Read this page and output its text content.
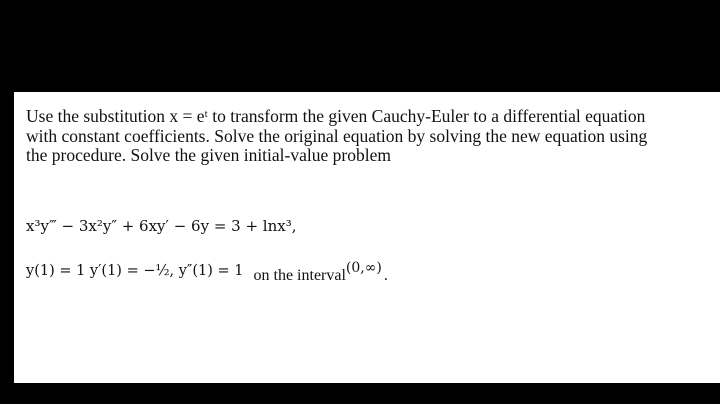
Use the substitution x = eᵗ to transform the given Cauchy-Euler to a differential equation with constant coefficients. Solve the original equation by solving the new equation using the procedure. Solve the given initial-value problem

x³y‴ − 3x²y″ + 6xy′ − 6y = 3 + lnx³,

y(1) = 1 y′(1) = −½, y″(1) = 1 on the interval(0,∞) .
